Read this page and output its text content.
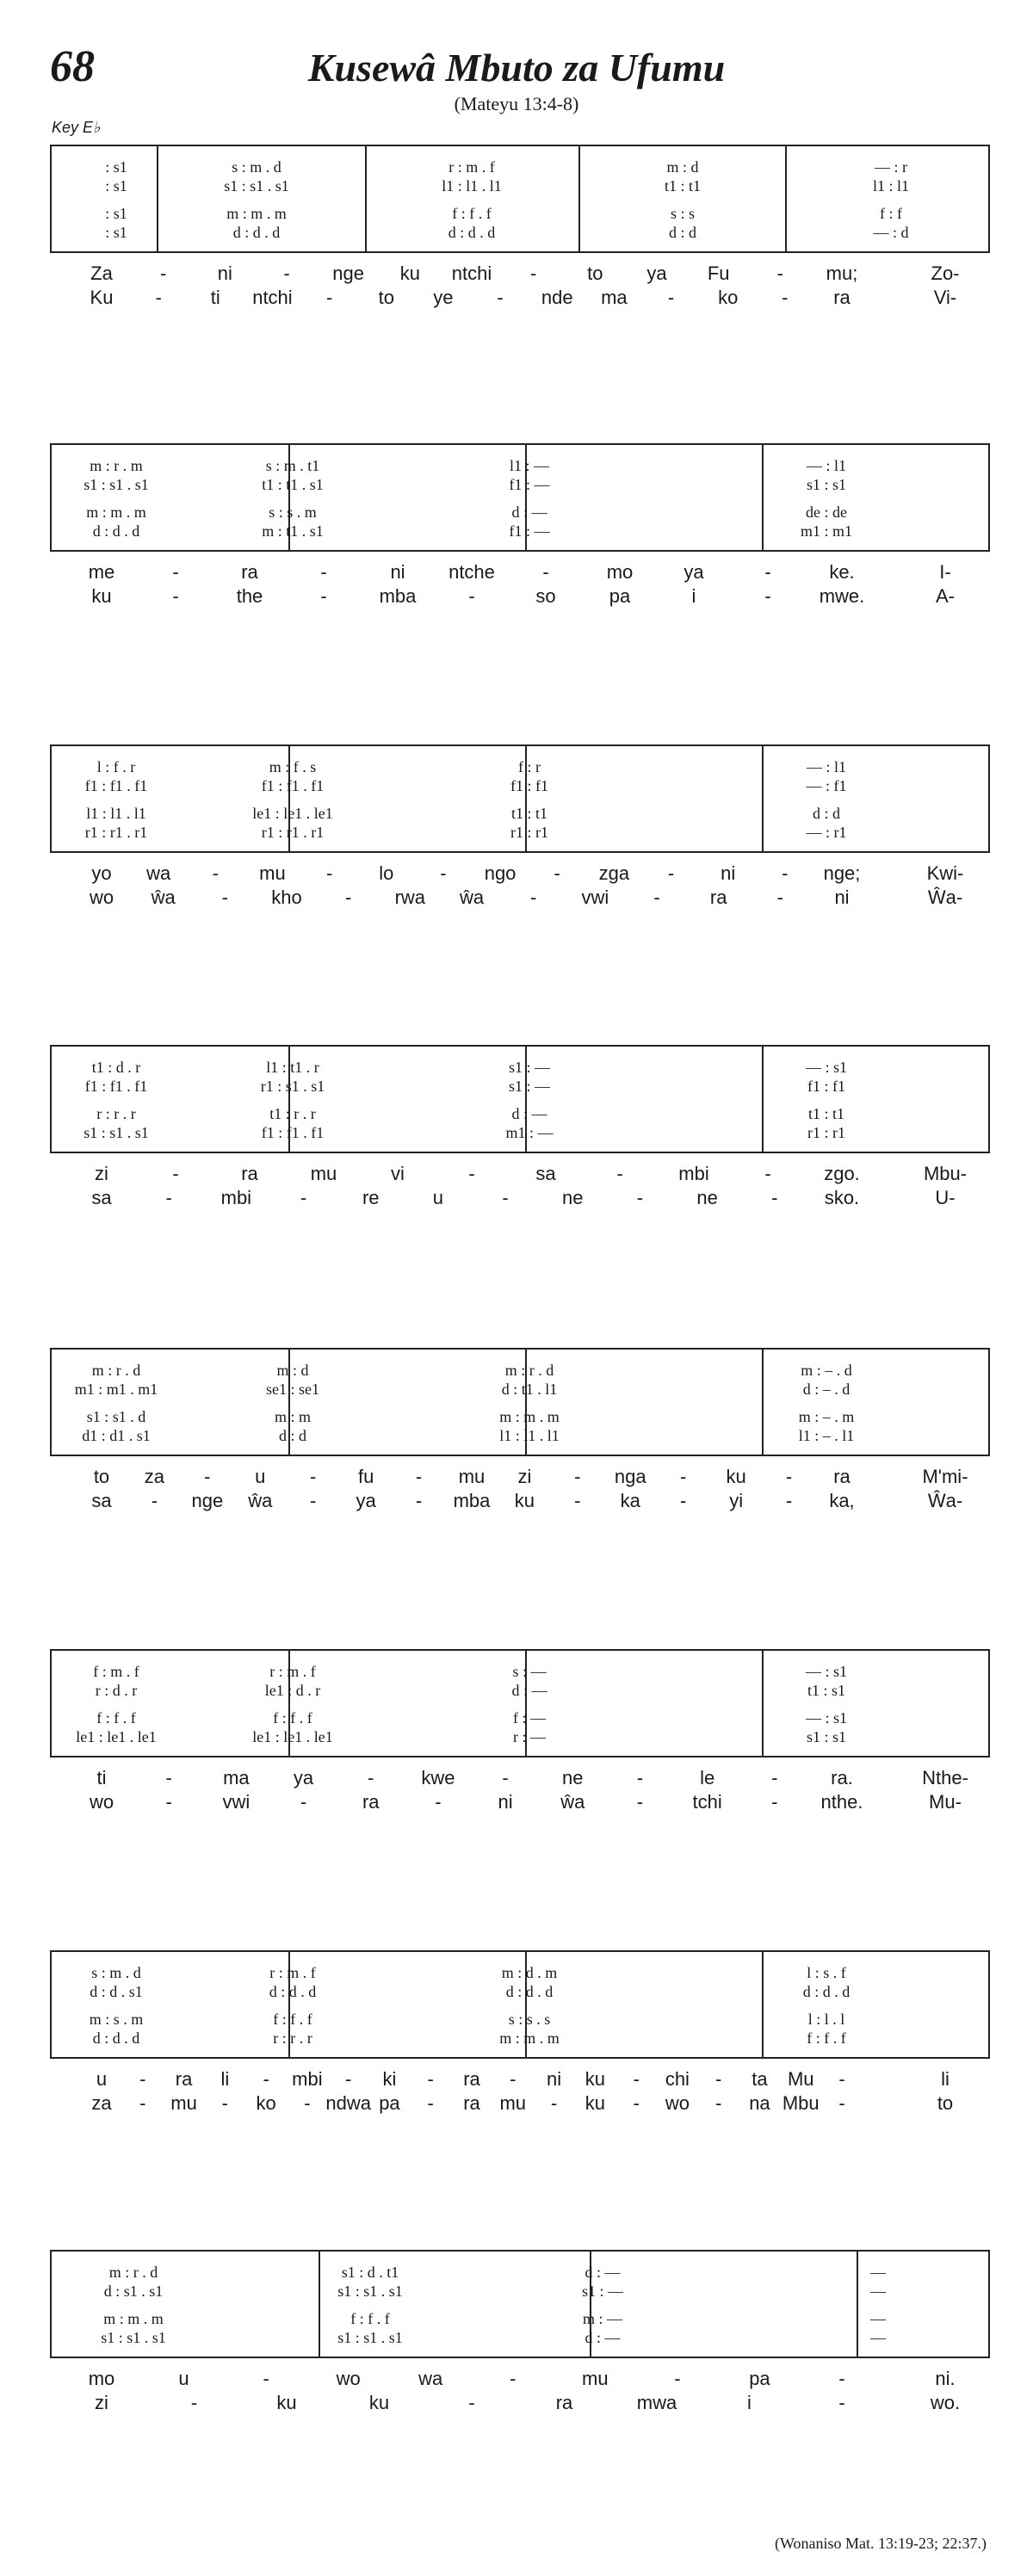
68	Kusewâ Mbuto za Ufumu
(Mateyu 13:4-8)
Key E♭
: s1	s : m . d	r : m . f	m : d	— : r
: s1	s1 : s1 . s1	l1 : l1 . l1	t1 : t1	l1 : l1
: s1	m : m . m	f : f . f	s : s	f : f
: s1	d : d . d	d : d . d	d : d	— : d
Za	-	ni	-	nge	ku	ntchi	-	to	ya	Fu	-	mu;	Zo-
Ku	-	ti	ntchi	-	to	ye	-	nde	ma	-	ko	-	ra	Vi-
m : r . m	s : m . t1	l1 : —	— : l1
s1 : s1 . s1	t1 : t1 . s1	f1 : —	s1 : s1
m : m . m	s : s . m	d : —	de : de
d : d . d	m : t1 . s1	f1 : —	m1 : m1
me	-	ra	-	ni	ntche	-	mo	ya	-	ke.	I-
ku	-	the	-	mba	-	so	pa	i	-	mwe.	A-
l : f . r	m : f . s	f : r	— : l1
f1 : f1 . f1	f1 : f1 . f1	f1 : f1	— : f1
l1 : l1 . l1	le1 : le1 . le1	t1 : t1	d : d
r1 : r1 . r1	r1 : r1 . r1	r1 : r1	— : r1
yo	wa	-	mu	-	lo	-	ngo	-	zga	-	ni	-	nge;	Kwi-
wo	ŵa	-	kho	-	rwa	ŵa	-	vwi	-	ra	-	ni	Ŵa-
t1 : d . r	l1 : t1 . r	s1 : —	— : s1
f1 : f1 . f1	r1 : s1 . s1	s1 : —	f1 : f1
r : r . r	t1 : r . r	d : —	t1 : t1
s1 : s1 . s1	f1 : f1 . f1	m1 : —	r1 : r1
zi	-	ra	mu	vi	-	sa	-	mbi	-	zgo.	Mbu-
sa	-	mbi	-	re	u	-	ne	-	ne	-	sko.	U-
m : r . d	m : d	m : r . d	m : – . d
m1 : m1 . m1	se1 : se1	d : t1 . l1	d : – . d
s1 : s1 . d	m : m	m : m . m	m : – . m
d1 : d1 . s1	d : d	l1 : l1 . l1	l1 : – . l1
to	za	-	u	-	fu	-	mu	zi	-	nga	-	ku	-	ra	M'mi-
sa	-	nge	ŵa	-	ya	-	mba	ku	-	ka	-	yi	-	ka,	Ŵa-
f : m . f	r : m . f	s : —	— : s1
r : d . r	le1 : d . r	d : —	t1 : s1
f : f . f	f : f . f	f : —	— : s1
le1 : le1 . le1	le1 : le1 . le1	r : —	s1 : s1
ti	-	ma	ya	-	kwe	-	ne	-	le	-	ra.	Nthe-
wo	-	vwi	-	ra	-	ni	ŵa	-	tchi	-	nthe.	Mu-
s : m . d	r : m . f	m : d . m	l : s . f
d : d . s1	d : d . d	d : d . d	d : d . d
m : s . m	f : f . f	s : s . s	l : l . l
d : d . d	r : r . r	m : m . m	f : f . f
u	-	ra	li	-	mbi	-	ki	-	ra	-	ni	ku	-	chi	-	ta	Mu	-	li
za	-	mu	-	ko	- ndwa pa	-	ra	mu	-	ku	-	wo	-	na Mbu	-	to
m : r . d	s1 : d . t1	d : —	—
d : s1 . s1	s1 : s1 . s1	s1 : —	—
m : m . m	f : f . f	m : —	—
s1 : s1 . s1	s1 : s1 . s1	d : —	—
mo	u	-	wo	wa	-	mu	-	pa	-	ni.
zi	-	ku	ku	-	ra	mwa	i	-	wo.
(Wonaniso Mat. 13:19-23; 22:37.)
